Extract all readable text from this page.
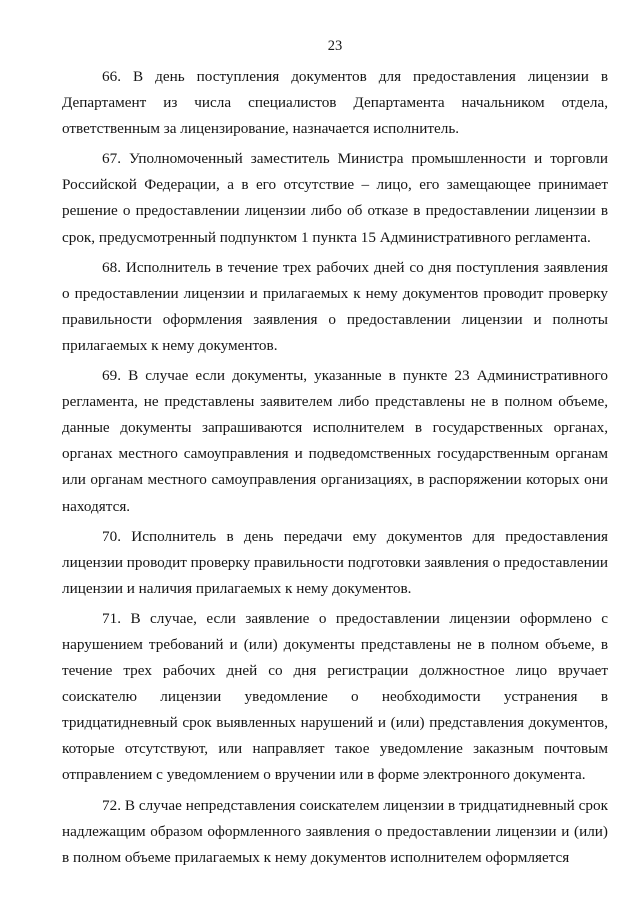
23

66. В день поступления документов для предоставления лицензии в Департамент из числа специалистов Департамента начальником отдела, ответственным за лицензирование, назначается исполнитель.

67. Уполномоченный заместитель Министра промышленности и торговли Российской Федерации, а в его отсутствие – лицо, его замещающее принимает решение о предоставлении лицензии либо об отказе в предоставлении лицензии в срок, предусмотренный подпунктом 1 пункта 15 Административного регламента.

68. Исполнитель в течение трех рабочих дней со дня поступления заявления о предоставлении лицензии и прилагаемых к нему документов проводит проверку правильности оформления заявления о предоставлении лицензии и полноты прилагаемых к нему документов.

69. В случае если документы, указанные в пункте 23 Административного регламента, не представлены заявителем либо представлены не в полном объеме, данные документы запрашиваются исполнителем в государственных органах, органах местного самоуправления и подведомственных государственным органам или органам местного самоуправления организациях, в распоряжении которых они находятся.

70. Исполнитель в день передачи ему документов для предоставления лицензии проводит проверку правильности подготовки заявления о предоставлении лицензии и наличия прилагаемых к нему документов.

71. В случае, если заявление о предоставлении лицензии оформлено с нарушением требований и (или) документы представлены не в полном объеме, в течение трех рабочих дней со дня регистрации должностное лицо вручает соискателю лицензии уведомление о необходимости устранения в тридцатидневный срок выявленных нарушений и (или) представления документов, которые отсутствуют, или направляет такое уведомление заказным почтовым отправлением с уведомлением о вручении или в форме электронного документа.

72. В случае непредставления соискателем лицензии в тридцатидневный срок надлежащим образом оформленного заявления о предоставлении лицензии и (или) в полном объеме прилагаемых к нему документов исполнителем оформляется
